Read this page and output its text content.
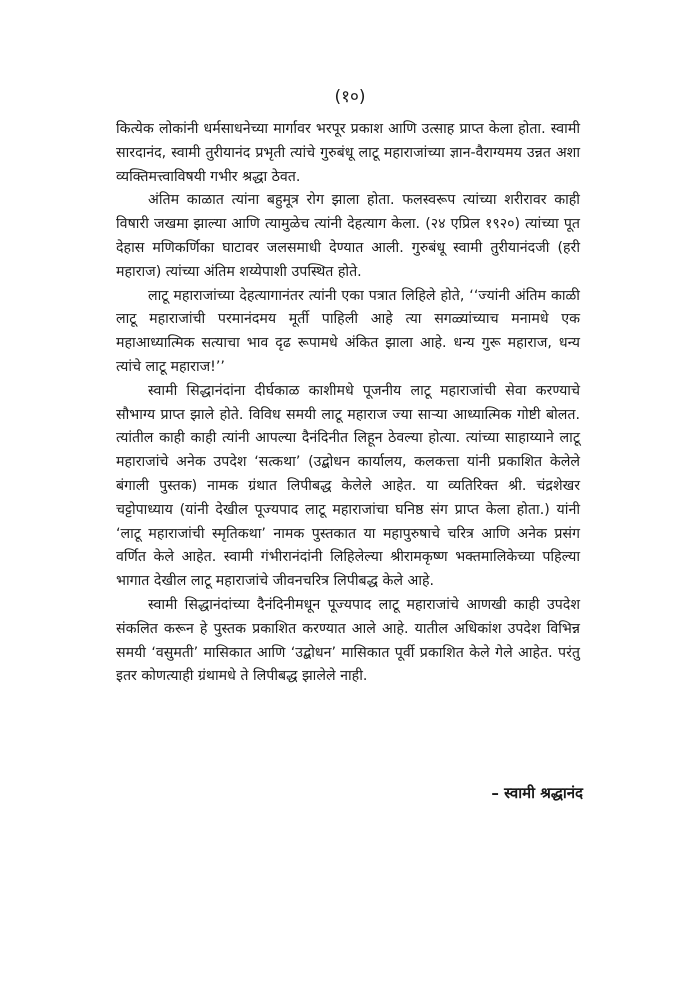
(१०)

कित्येक लोकांनी धर्मसाधनेच्या मार्गावर भरपूर प्रकाश आणि उत्साह प्राप्त केला होता. स्वामी सारदानंद, स्वामी तुरीयानंद प्रभृती त्यांचे गुरुबंधू लाटू महाराजांच्या ज्ञान-वैराग्यमय उन्नत अशा व्यक्तिमत्त्वाविषयी गभीर श्रद्धा ठेवत.

अंतिम काळात त्यांना बहुमूत्र रोग झाला होता. फलस्वरूप त्यांच्या शरीरावर काही विषारी जखमा झाल्या आणि त्यामुळेच त्यांनी देहत्याग केला. (२४ एप्रिल १९२०) त्यांच्या पूत देहास मणिकर्णिका घाटावर जलसमाधी देण्यात आली. गुरुबंधू स्वामी तुरीयानंदजी (हरी महाराज) त्यांच्या अंतिम शय्येपाशी उपस्थित होते.

लाटू महाराजांच्या देहत्यागानंतर त्यांनी एका पत्रात लिहिले होते, ‘‘ज्यांनी अंतिम काळी लाटू महाराजांची परमानंदमय मूर्ती पाहिली आहे त्या सगळ्यांच्याच मनामधे एक महाआध्यात्मिक सत्याचा भाव दृढ रूपामधे अंकित झाला आहे. धन्य गुरू महाराज, धन्य त्यांचे लाटू महाराज!’’

स्वामी सिद्धानंदांना दीर्घकाळ काशीमधे पूजनीय लाटू महाराजांची सेवा करण्याचे सौभाग्य प्राप्त झाले होते. विविध समयी लाटू महाराज ज्या साऱ्या आध्यात्मिक गोष्टी बोलत. त्यांतील काही काही त्यांनी आपल्या दैनंदिनीत लिहून ठेवल्या होत्या. त्यांच्या साहाय्याने लाटू महाराजांचे अनेक उपदेश ‘सत्कथा’ (उद्बोधन कार्यालय, कलकत्ता यांनी प्रकाशित केलेले बंगाली पुस्तक) नामक ग्रंथात लिपीबद्ध केलेले आहेत. या व्यतिरिक्त श्री. चंद्रशेखर चट्टोपाध्याय (यांनी देखील पूज्यपाद लाटू महाराजांचा घनिष्ठ संग प्राप्त केला होता.) यांनी ‘लाटू महाराजांची स्मृतिकथा’ नामक पुस्तकात या महापुरुषाचे चरित्र आणि अनेक प्रसंग वर्णित केले आहेत. स्वामी गंभीरानंदांनी लिहिलेल्या श्रीरामकृष्ण भक्तमालिकेच्या पहिल्या भागात देखील लाटू महाराजांचे जीवनचरित्र लिपीबद्ध केले आहे.

स्वामी सिद्धानंदांच्या दैनंदिनीमधून पूज्यपाद लाटू महाराजांचे आणखी काही उपदेश संकलित करून हे पुस्तक प्रकाशित करण्यात आले आहे. यातील अधिकांश उपदेश विभिन्न समयी ‘वसुमती’ मासिकात आणि ‘उद्बोधन’ मासिकात पूर्वी प्रकाशित केले गेले आहेत. परंतु इतर कोणत्याही ग्रंथामधे ते लिपीबद्ध झालेले नाही.

– स्वामी श्रद्धानंद
